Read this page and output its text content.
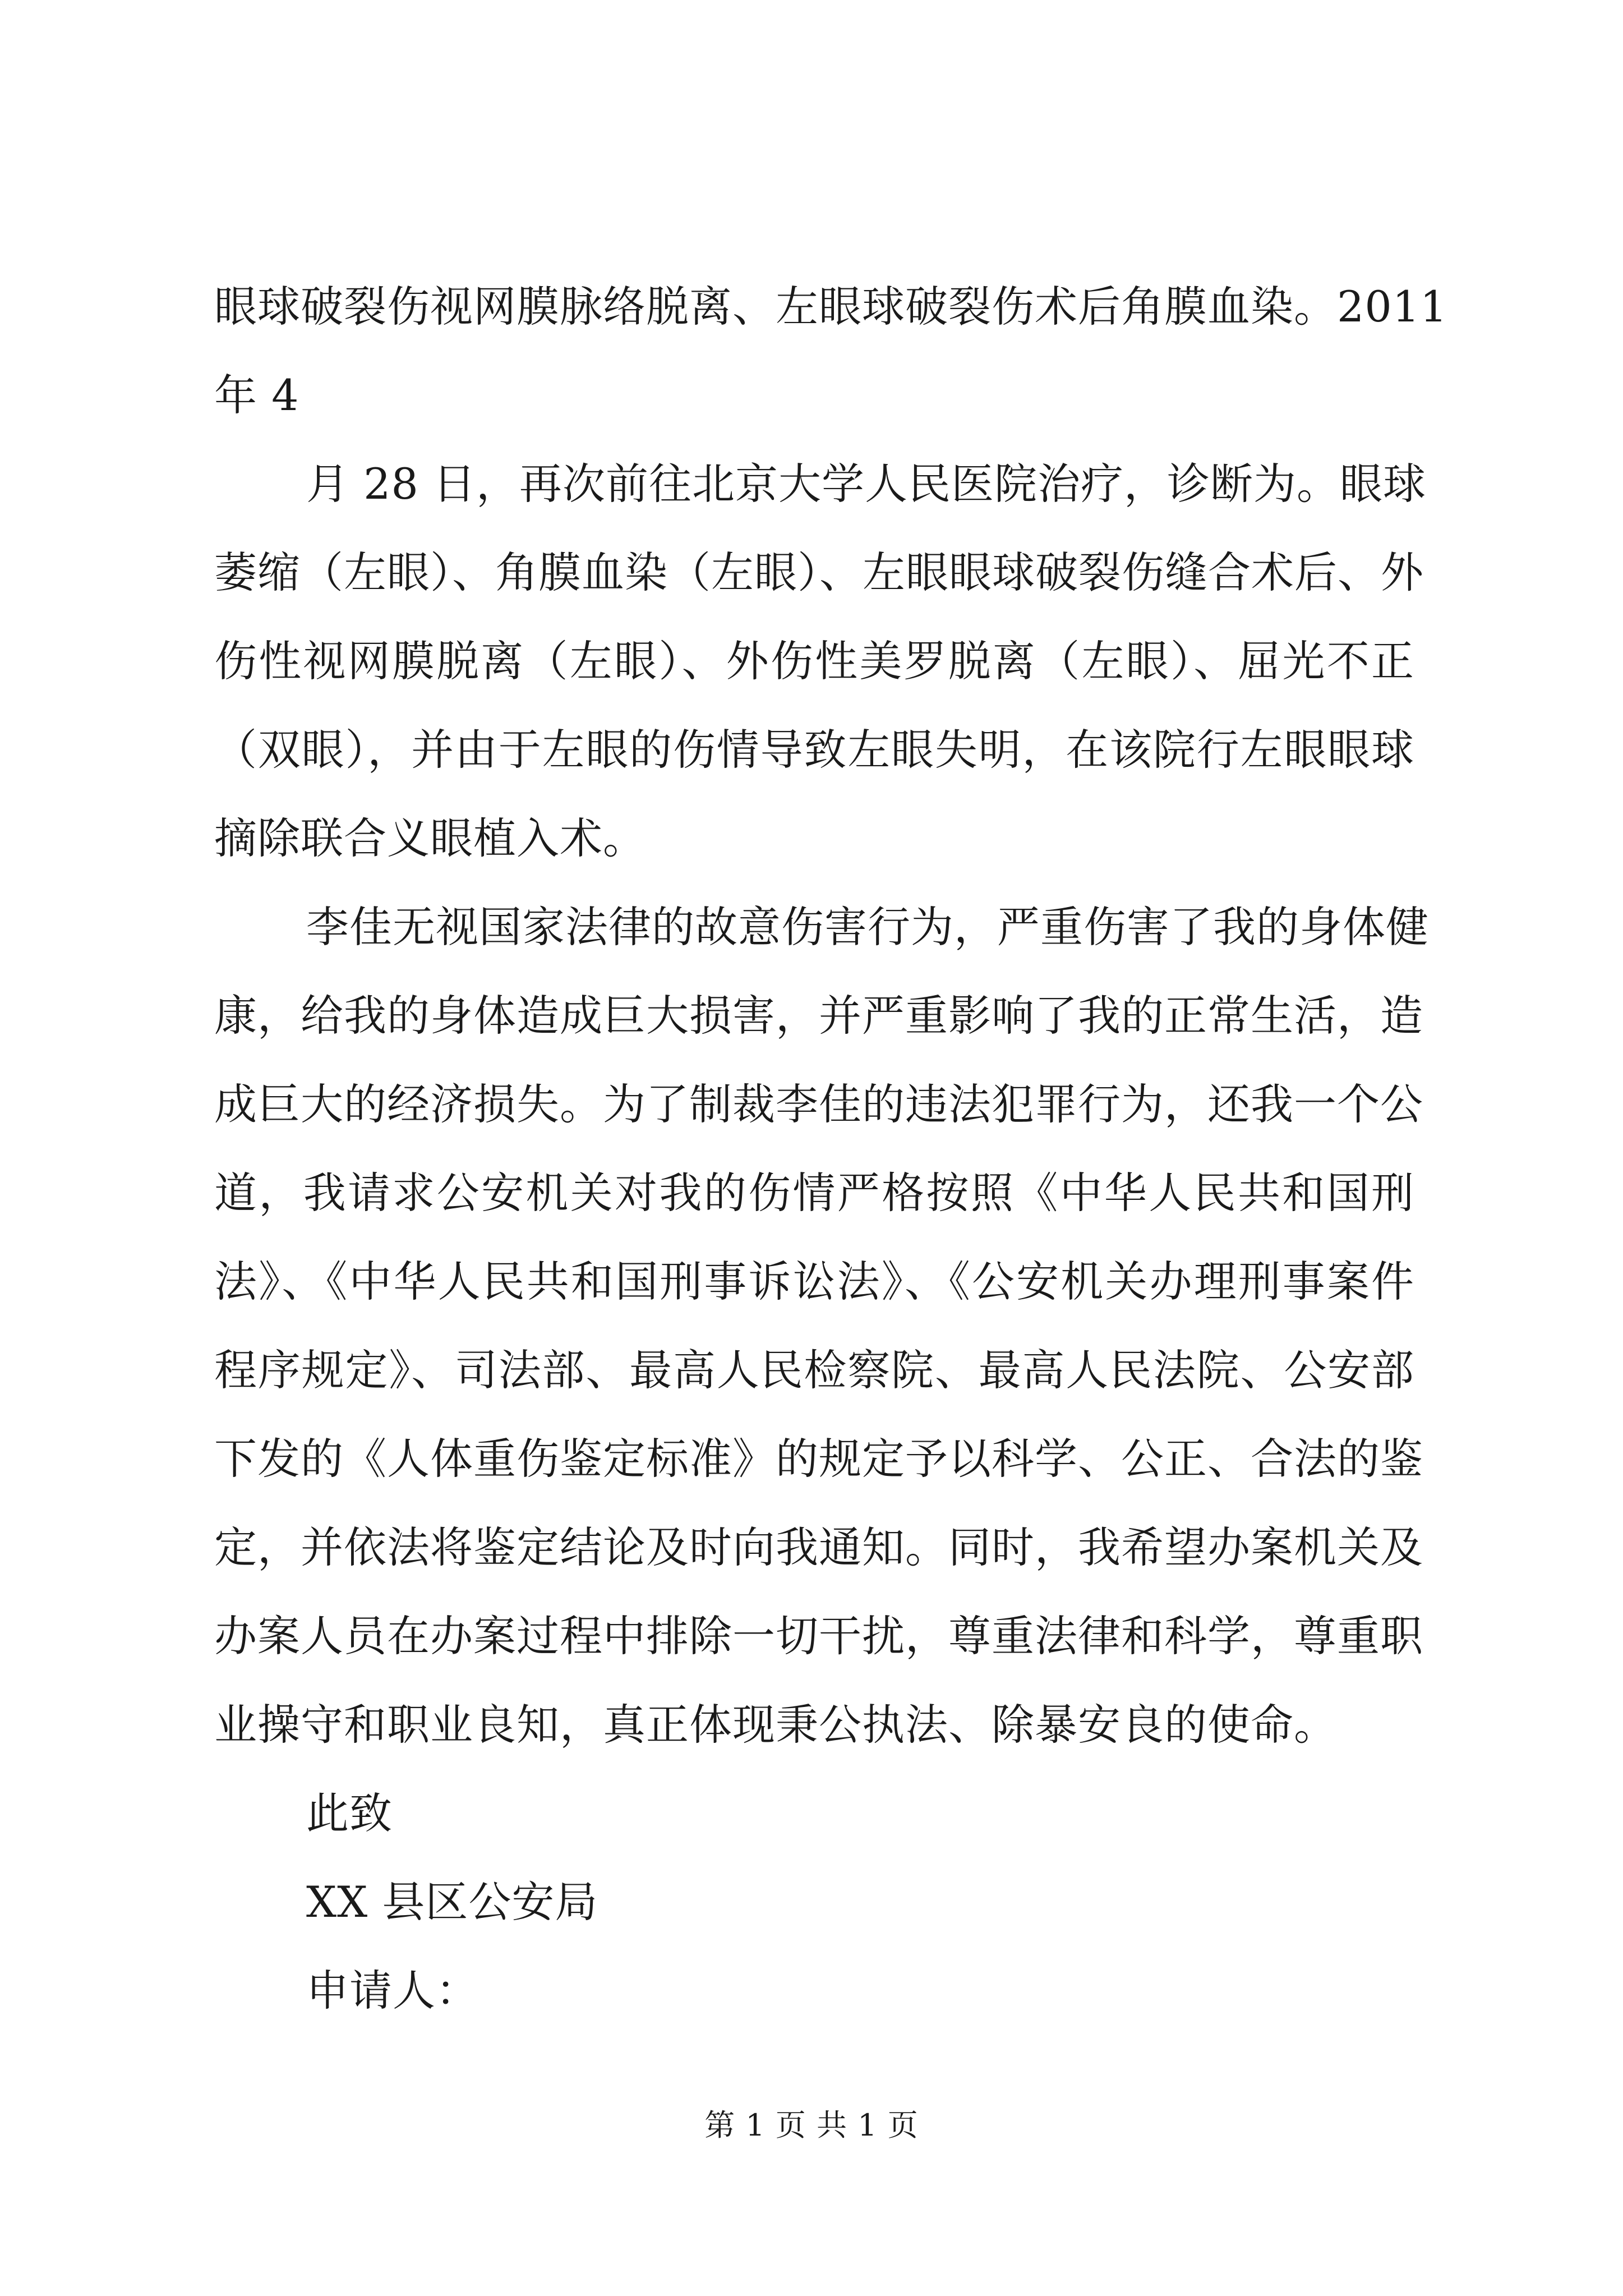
眼球破裂伤视网膜脉络脱离、左眼球破裂伤术后角膜血染。2011
年 4
月 28 日，再次前往北京大学人民医院治疗，诊断为。眼球
萎缩（左眼）、角膜血染（左眼）、左眼眼球破裂伤缝合术后、外
伤性视网膜脱离（左眼）、外伤性美罗脱离（左眼）、屈光不正
（双眼），并由于左眼的伤情导致左眼失明，在该院行左眼眼球
摘除联合义眼植入术。
李佳无视国家法律的故意伤害行为，严重伤害了我的身体健
康，给我的身体造成巨大损害，并严重影响了我的正常生活，造
成巨大的经济损失。为了制裁李佳的违法犯罪行为，还我一个公
道，我请求公安机关对我的伤情严格按照《中华人民共和国刑
法》、《中华人民共和国刑事诉讼法》、《公安机关办理刑事案件
程序规定》、司法部、最高人民检察院、最高人民法院、公安部
下发的《人体重伤鉴定标准》的规定予以科学、公正、合法的鉴
定，并依法将鉴定结论及时向我通知。同时，我希望办案机关及
办案人员在办案过程中排除一切干扰，尊重法律和科学，尊重职
业操守和职业良知，真正体现秉公执法、除暴安良的使命。
此致
XX 县区公安局
申请人：
第 1 页 共 1 页
